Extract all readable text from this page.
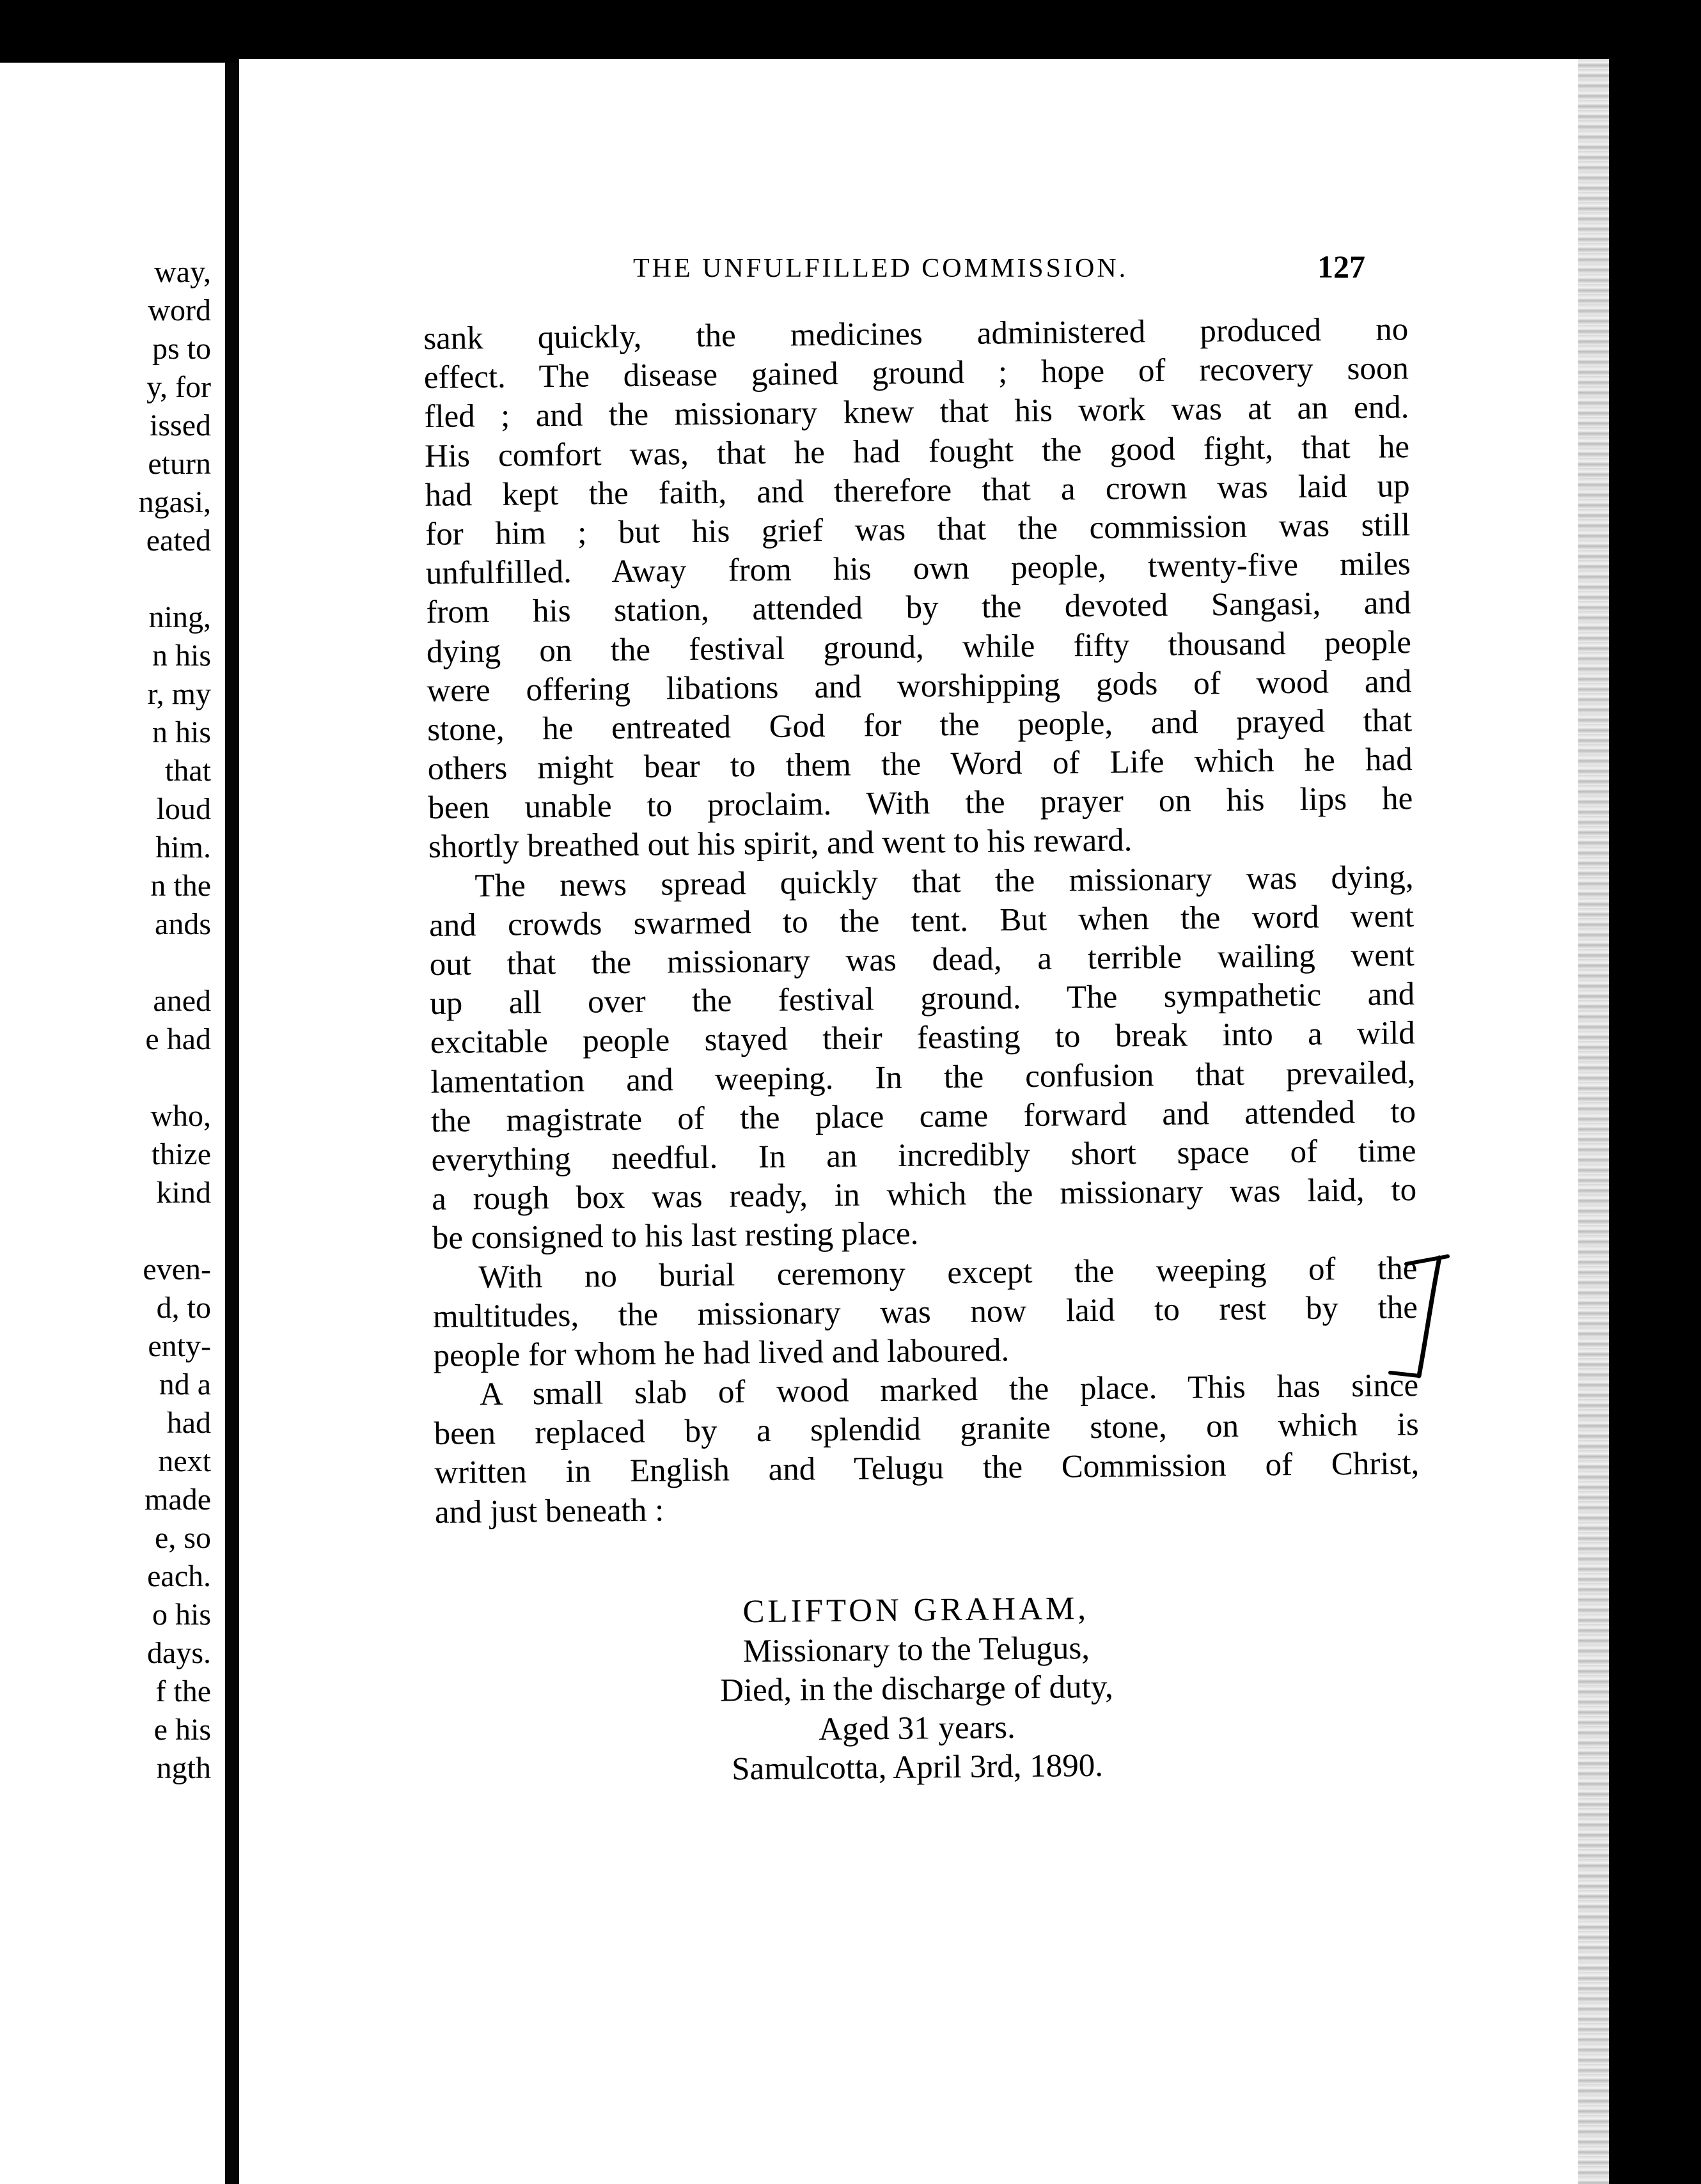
way,
word
ps to
y, for
issed
eturn
ngasi,
eated
ning,
n his
r, my
n his
that
loud
him.
n the
ands
aned
e had
who,
thize
kind
even-
d, to
enty-
nd a
had
next
made
e, so
each.
o his
days.
f the
e his
ngth
THE UNFULFILLED COMMISSION.	127
sank quickly, the medicines administered produced no
effect. The disease gained ground ; hope of recovery soon
fled ; and the missionary knew that his work was at an end.
His comfort was, that he had fought the good fight, that he
had kept the faith, and therefore that a crown was laid up
for him ; but his grief was that the commission was still
unfulfilled. Away from his own people, twenty-five miles
from his station, attended by the devoted Sangasi, and
dying on the festival ground, while fifty thousand people
were offering libations and worshipping gods of wood and
stone, he entreated God for the people, and prayed that
others might bear to them the Word of Life which he had
been unable to proclaim. With the prayer on his lips he
shortly breathed out his spirit, and went to his reward.
The news spread quickly that the missionary was dying,
and crowds swarmed to the tent. But when the word went
out that the missionary was dead, a terrible wailing went
up all over the festival ground. The sympathetic and
excitable people stayed their feasting to break into a wild
lamentation and weeping. In the confusion that prevailed,
the magistrate of the place came forward and attended to
everything needful. In an incredibly short space of time
a rough box was ready, in which the missionary was laid, to
be consigned to his last resting place.
With no burial ceremony except the weeping of the
multitudes, the missionary was now laid to rest by the
people for whom he had lived and laboured.
A small slab of wood marked the place. This has since
been replaced by a splendid granite stone, on which is
written in English and Telugu the Commission of Christ,
and just beneath :
CLIFTON GRAHAM,
Missionary to the Telugus,
Died, in the discharge of duty,
Aged 31 years.
Samulcotta, April 3rd, 1890.
